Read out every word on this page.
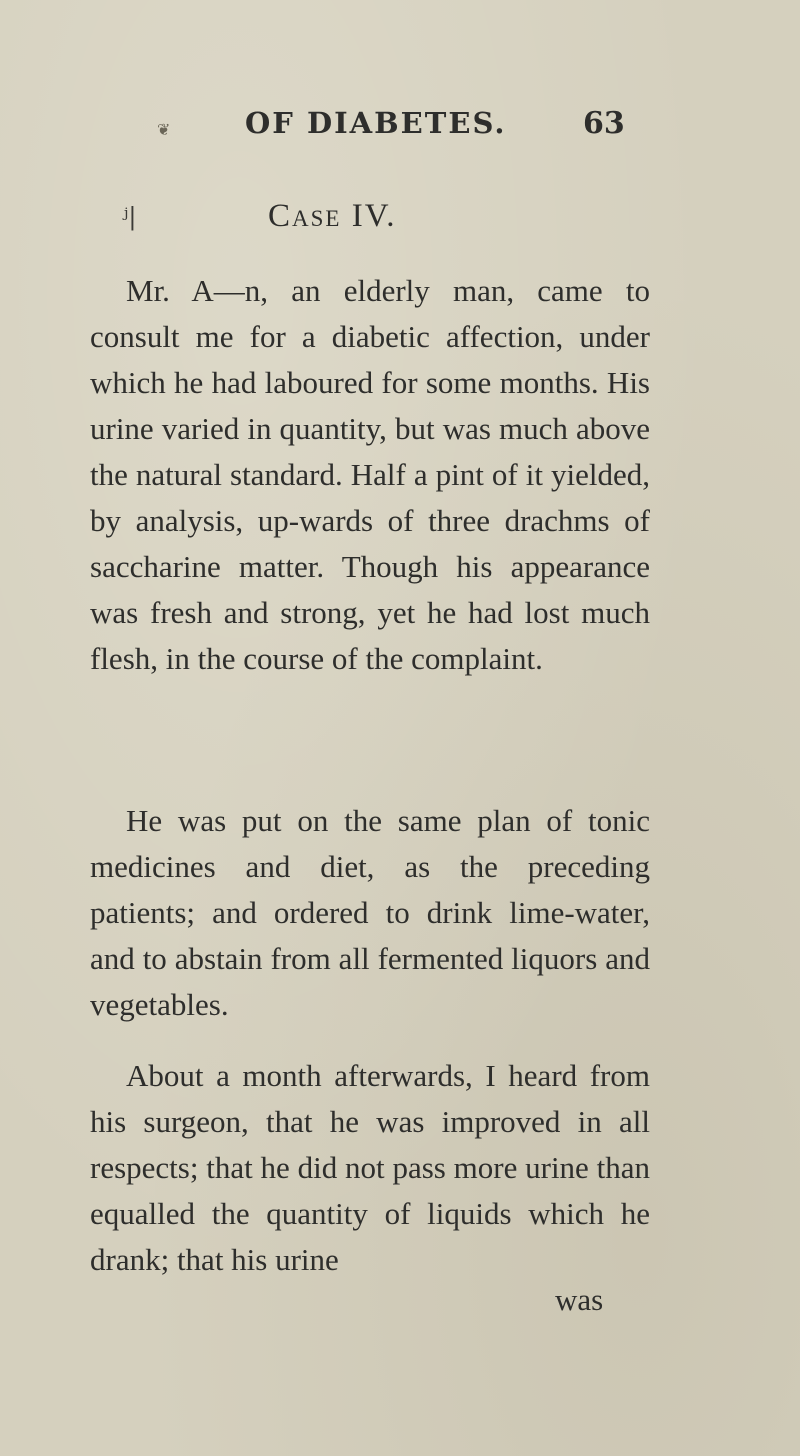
❦	OF DIABETES.	63
ʲ|	Case IV.

Mr. A—n, an elderly man, came to consult me for a diabetic affection, under which he had laboured for some months. His urine varied in quantity, but was much above the natural standard. Half a pint of it yielded, by analysis, up-wards of three drachms of saccharine matter. Though his appearance was fresh and strong, yet he had lost much flesh, in the course of the complaint.

He was put on the same plan of tonic medicines and diet, as the preceding patients; and ordered to drink lime-water, and to abstain from all fermented liquors and vegetables.

About a month afterwards, I heard from his surgeon, that he was improved in all respects; that he did not pass more urine than equalled the quantity of liquids which he drank; that his urine

was
